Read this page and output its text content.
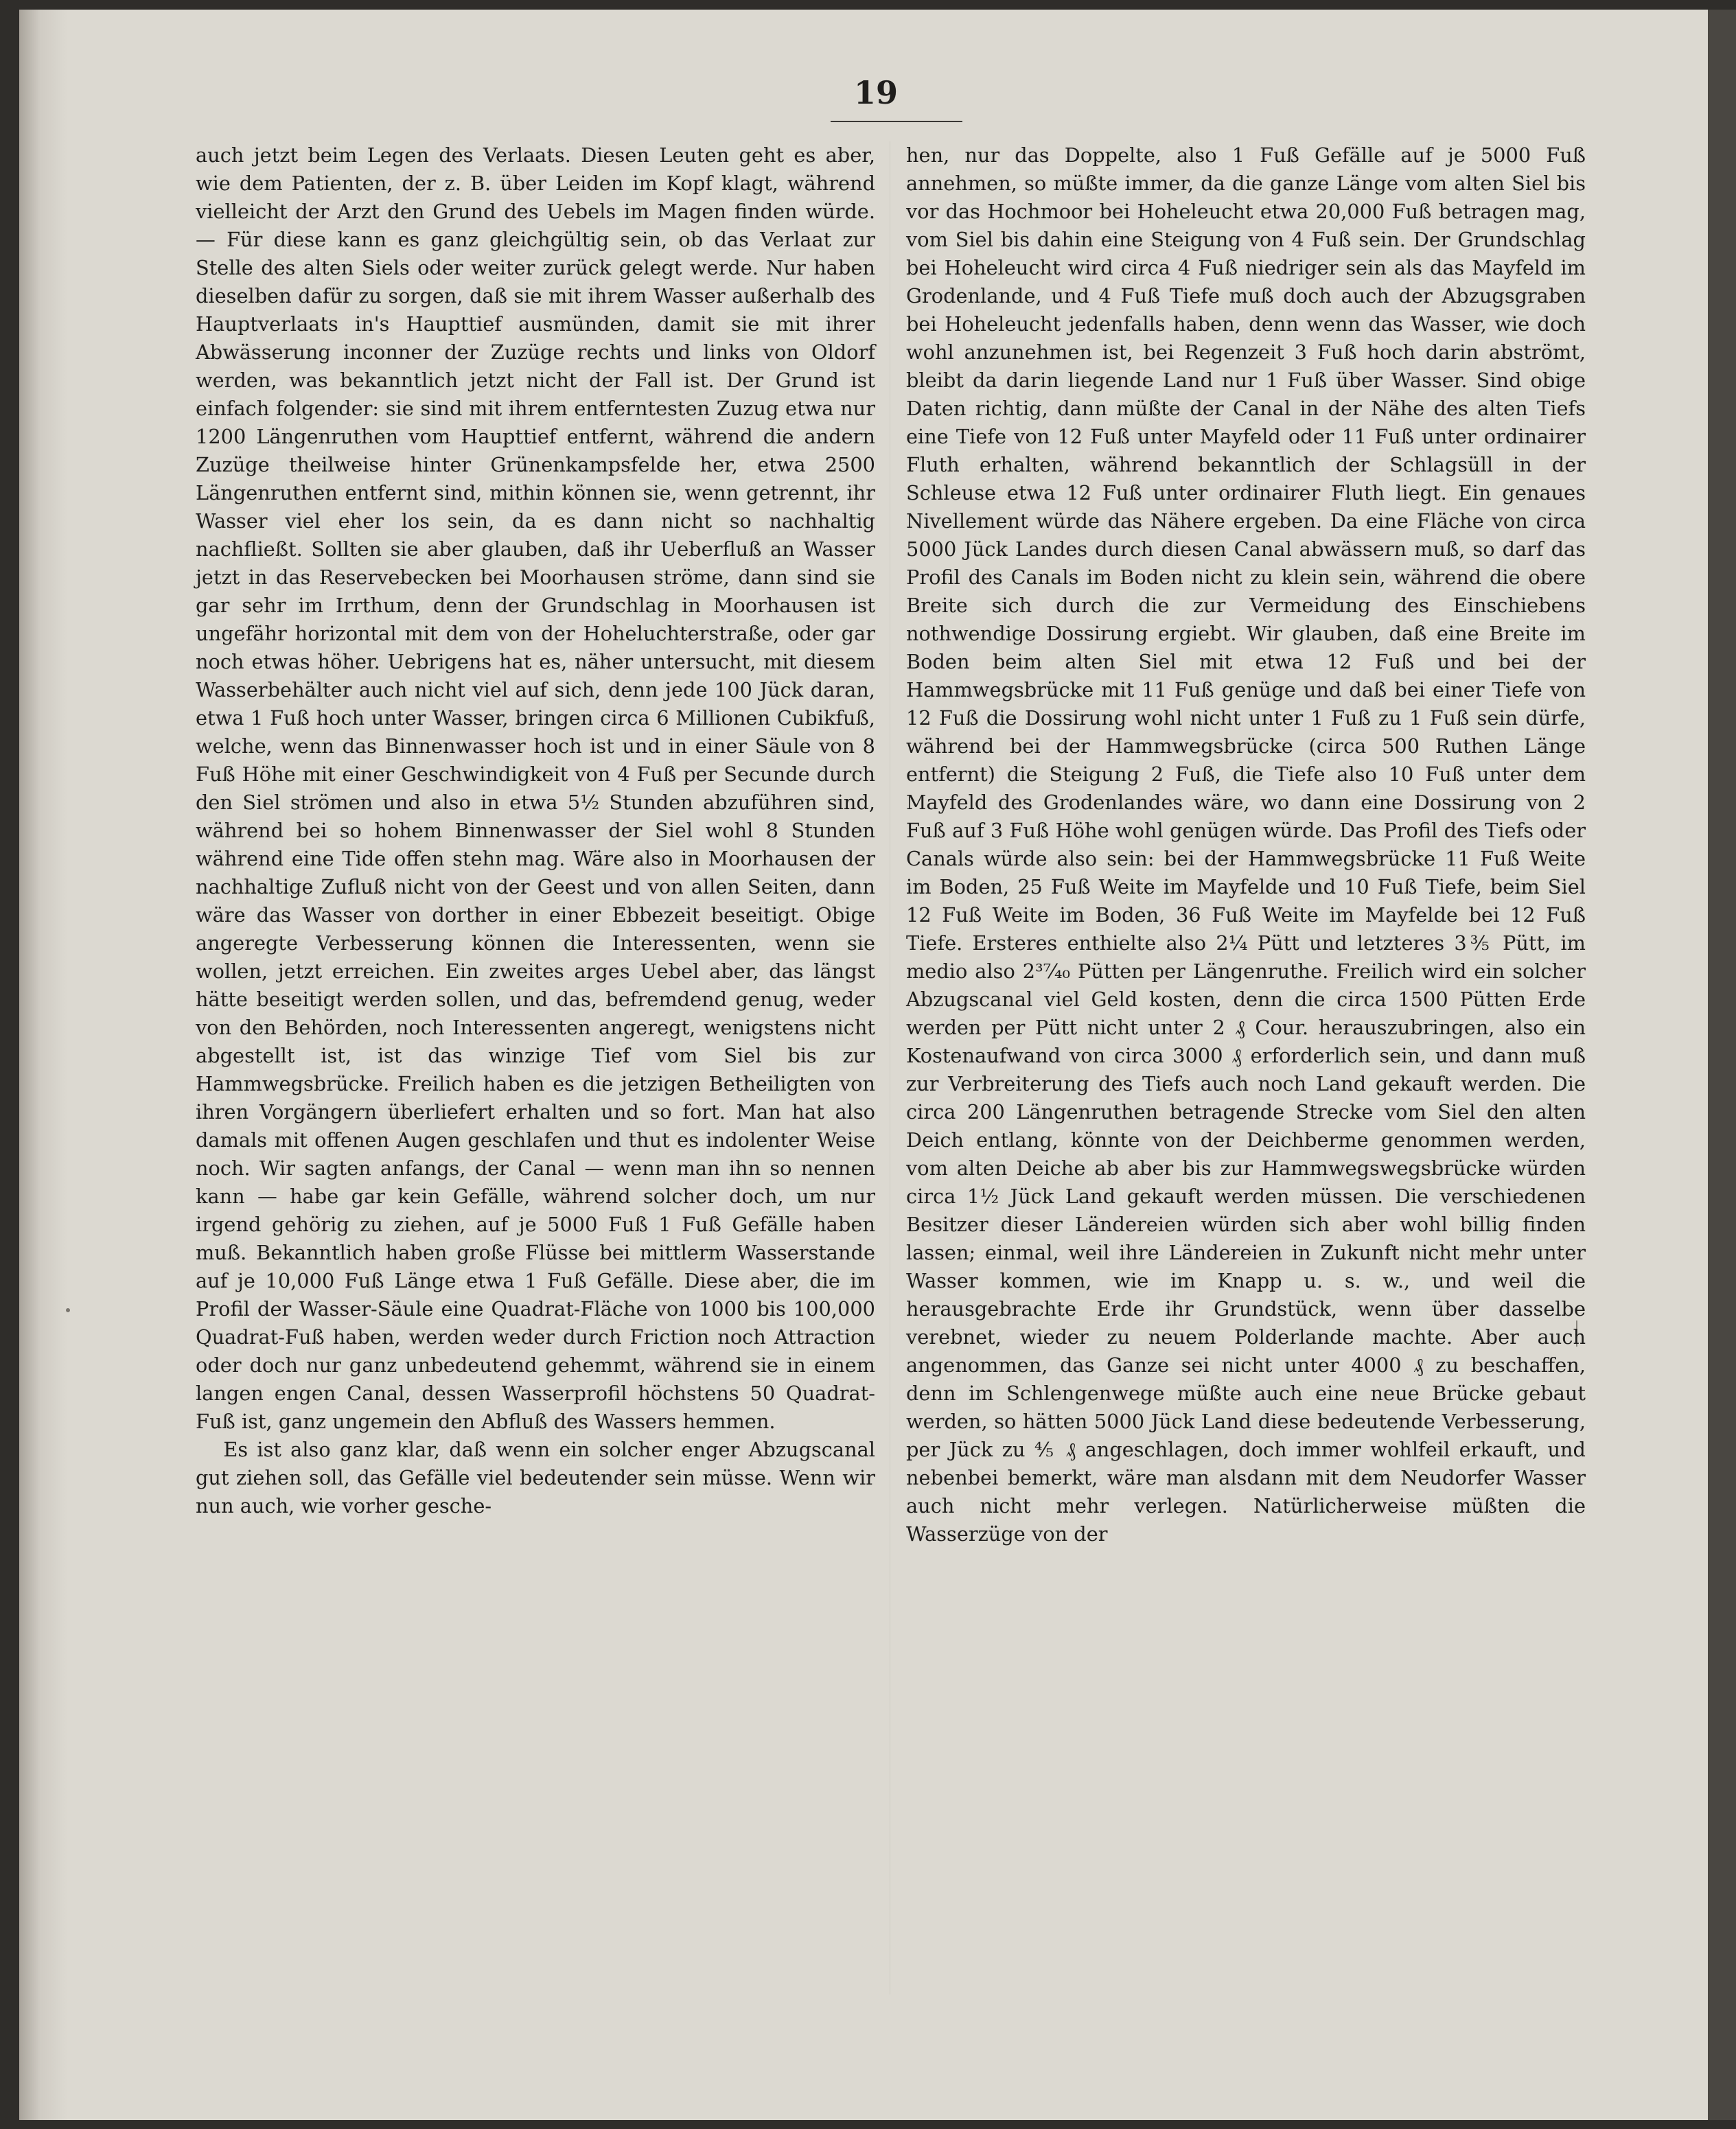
19

auch jetzt beim Legen des Verlaats. Diesen Leuten geht es aber, wie dem Patienten, der z. B. über Leiden im Kopf klagt, während vielleicht der Arzt den Grund des Uebels im Magen finden würde. — Für diese kann es ganz gleichgültig sein, ob das Verlaat zur Stelle des alten Siels oder weiter zurück gelegt werde. Nur haben dieselben dafür zu sorgen, daß sie mit ihrem Wasser außerhalb des Hauptverlaats in's Haupttief ausmünden, damit sie mit ihrer Abwässerung inconner der Zuzüge rechts und links von Oldorf werden, was bekanntlich jetzt nicht der Fall ist. Der Grund ist einfach folgender: sie sind mit ihrem entferntesten Zuzug etwa nur 1200 Längenruthen vom Haupttief entfernt, während die andern Zuzüge theilweise hinter Grünenkampsfelde her, etwa 2500 Längenruthen entfernt sind, mithin können sie, wenn getrennt, ihr Wasser viel eher los sein, da es dann nicht so nachhaltig nachfließt. Sollten sie aber glauben, daß ihr Ueberfluß an Wasser jetzt in das Reservebecken bei Moorhausen ströme, dann sind sie gar sehr im Irrthum, denn der Grundschlag in Moorhausen ist ungefähr horizontal mit dem von der Hoheluchterstraße, oder gar noch etwas höher. Uebrigens hat es, näher untersucht, mit diesem Wasserbehälter auch nicht viel auf sich, denn jede 100 Jück daran, etwa 1 Fuß hoch unter Wasser, bringen circa 6 Millionen Cubikfuß, welche, wenn das Binnenwasser hoch ist und in einer Säule von 8 Fuß Höhe mit einer Geschwindigkeit von 4 Fuß per Secunde durch den Siel strömen und also in etwa 5½ Stunden abzuführen sind, während bei so hohem Binnenwasser der Siel wohl 8 Stunden während eine Tide offen stehn mag. Wäre also in Moorhausen der nachhaltige Zufluß nicht von der Geest und von allen Seiten, dann wäre das Wasser von dorther in einer Ebbezeit beseitigt. Obige angeregte Verbesserung können die Interessenten, wenn sie wollen, jetzt erreichen. Ein zweites arges Uebel aber, das längst hätte beseitigt werden sollen, und das, befremdend genug, weder von den Behörden, noch Interessenten angeregt, wenigstens nicht abgestellt ist, ist das winzige Tief vom Siel bis zur Hammwegsbrücke. Freilich haben es die jetzigen Betheiligten von ihren Vorgängern überliefert erhalten und so fort. Man hat also damals mit offenen Augen geschlafen und thut es indolenter Weise noch. Wir sagten anfangs, der Canal — wenn man ihn so nennen kann — habe gar kein Gefälle, während solcher doch, um nur irgend gehörig zu ziehen, auf je 5000 Fuß 1 Fuß Gefälle haben muß. Bekanntlich haben große Flüsse bei mittlerm Wasserstande auf je 10,000 Fuß Länge etwa 1 Fuß Gefälle. Diese aber, die im Profil der Wasser-Säule eine Quadrat-Fläche von 1000 bis 100,000 Quadrat-Fuß haben, werden weder durch Friction noch Attraction oder doch nur ganz unbedeutend gehemmt, während sie in einem langen engen Canal, dessen Wasserprofil höchstens 50 Quadrat-Fuß ist, ganz ungemein den Abfluß des Wassers hemmen.

Es ist also ganz klar, daß wenn ein solcher enger Abzugscanal gut ziehen soll, das Gefälle viel bedeutender sein müsse. Wenn wir nun auch, wie vorher gesche-

hen, nur das Doppelte, also 1 Fuß Gefälle auf je 5000 Fuß annehmen, so müßte immer, da die ganze Länge vom alten Siel bis vor das Hochmoor bei Hoheleucht etwa 20,000 Fuß betragen mag, vom Siel bis dahin eine Steigung von 4 Fuß sein. Der Grundschlag bei Hoheleucht wird circa 4 Fuß niedriger sein als das Mayfeld im Grodenlande, und 4 Fuß Tiefe muß doch auch der Abzugsgraben bei Hoheleucht jedenfalls haben, denn wenn das Wasser, wie doch wohl anzunehmen ist, bei Regenzeit 3 Fuß hoch darin abströmt, bleibt da darin liegende Land nur 1 Fuß über Wasser. Sind obige Daten richtig, dann müßte der Canal in der Nähe des alten Tiefs eine Tiefe von 12 Fuß unter Mayfeld oder 11 Fuß unter ordinairer Fluth erhalten, während bekanntlich der Schlagsüll in der Schleuse etwa 12 Fuß unter ordinairer Fluth liegt. Ein genaues Nivellement würde das Nähere ergeben. Da eine Fläche von circa 5000 Jück Landes durch diesen Canal abwässern muß, so darf das Profil des Canals im Boden nicht zu klein sein, während die obere Breite sich durch die zur Vermeidung des Einschiebens nothwendige Dossirung ergiebt. Wir glauben, daß eine Breite im Boden beim alten Siel mit etwa 12 Fuß und bei der Hammwegsbrücke mit 11 Fuß genüge und daß bei einer Tiefe von 12 Fuß die Dossirung wohl nicht unter 1 Fuß zu 1 Fuß sein dürfe, während bei der Hammwegsbrücke (circa 500 Ruthen Länge entfernt) die Steigung 2 Fuß, die Tiefe also 10 Fuß unter dem Mayfeld des Grodenlandes wäre, wo dann eine Dossirung von 2 Fuß auf 3 Fuß Höhe wohl genügen würde. Das Profil des Tiefs oder Canals würde also sein: bei der Hammwegsbrücke 11 Fuß Weite im Boden, 25 Fuß Weite im Mayfelde und 10 Fuß Tiefe, beim Siel 12 Fuß Weite im Boden, 36 Fuß Weite im Mayfelde bei 12 Fuß Tiefe. Ersteres enthielte also 2¼ Pütt und letzteres 3⅗ Pütt, im medio also 2³⁷⁄₄₀ Pütten per Längenruthe. Freilich wird ein solcher Abzugscanal viel Geld kosten, denn die circa 1500 Pütten Erde werden per Pütt nicht unter 2 ₰ Cour. herauszubringen, also ein Kostenaufwand von circa 3000 ₰ erforderlich sein, und dann muß zur Verbreiterung des Tiefs auch noch Land gekauft werden. Die circa 200 Längenruthen betragende Strecke vom Siel den alten Deich entlang, könnte von der Deichberme genommen werden, vom alten Deiche ab aber bis zur Hammwegswegsbrücke würden circa 1½ Jück Land gekauft werden müssen. Die verschiedenen Besitzer dieser Ländereien würden sich aber wohl billig finden lassen; einmal, weil ihre Ländereien in Zukunft nicht mehr unter Wasser kommen, wie im Knapp u. s. w., und weil die herausgebrachte Erde ihr Grundstück, wenn über dasselbe verebnet, wieder zu neuem Polderlande machte. Aber auch angenommen, das Ganze sei nicht unter 4000 ₰ zu beschaffen, denn im Schlengenwege müßte auch eine neue Brücke gebaut werden, so hätten 5000 Jück Land diese bedeutende Verbesserung, per Jück zu ⅘ ₰ angeschlagen, doch immer wohlfeil erkauft, und nebenbei bemerkt, wäre man alsdann mit dem Neudorfer Wasser auch nicht mehr verlegen. Natürlicherweise müßten die Wasserzüge von der
